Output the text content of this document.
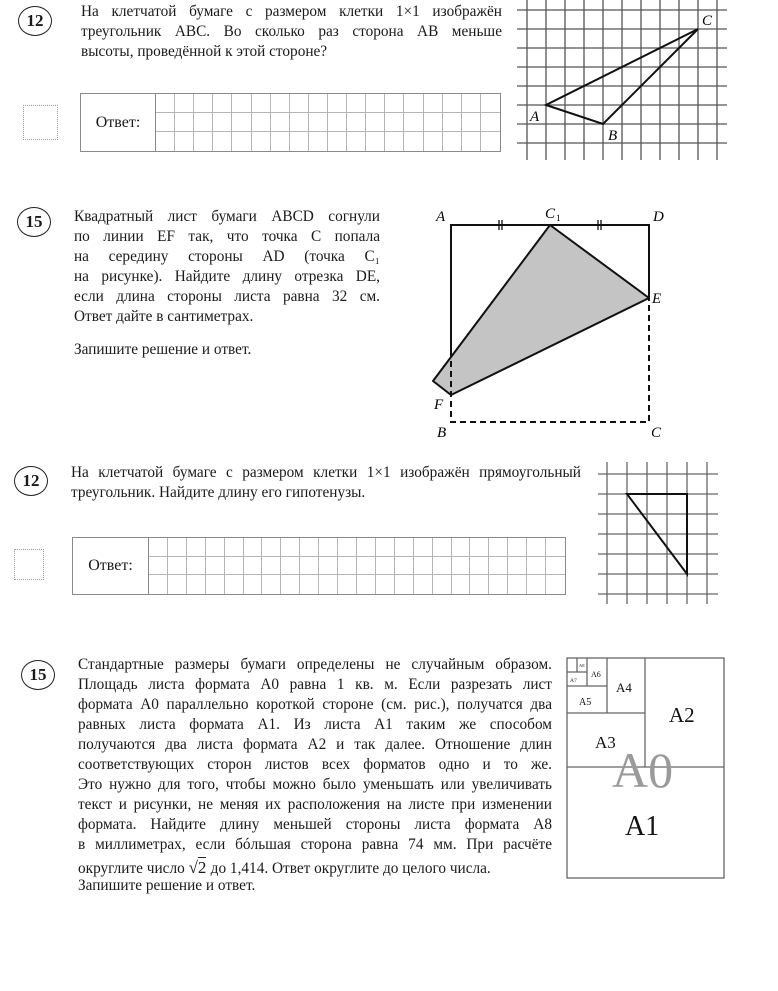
12 На клетчатой бумаге с размером клетки 1×1 изображён
треугольник ABC. Во сколько раз сторона AB меньше
высоты, проведённой к этой стороне?
Ответ:	A
B
C
15 Квадратный лист бумаги ABCD согнули
по линии EF так, что точка C попала
на середину стороны AD (точка C₁
на рисунке). Найдите длину отрезка DE,
если длина стороны листа равна 32 см.
Ответ дайте в сантиметрах.
Запишите решение и ответ.
A	C 1	D
E
F
B	C
12 На клетчатой бумаге с размером клетки 1×1 изображён прямоугольный
треугольник. Найдите длину его гипотенузы.
Ответ:
15
Стандартные размеры бумаги определены не случайным образом.
Площадь листа формата А0 равна 1 кв. м. Если разрезать лист
формата А0 параллельно короткой стороне (см. рис.), получатся два
равных листа формата А1. Из листа А1 таким же способом
получаются два листа формата А2 и так далее. Отношение длин
соответствующих сторон листов всех форматов одно и то же.
Это нужно для того, чтобы можно было уменьшать или увеличивать
текст и рисунки, не меняя их расположения на листе при изменении
формата. Найдите длину меньшей стороны листа формата А8
в миллиметрах, если бóльшая сторона равна 74 мм. При расчёте
округлите число √2 до 1,414. Ответ округлите до целого числа.
Запишите решение и ответ.
A0
A1
A2
A3
A4
A5
A6
A7
A8
